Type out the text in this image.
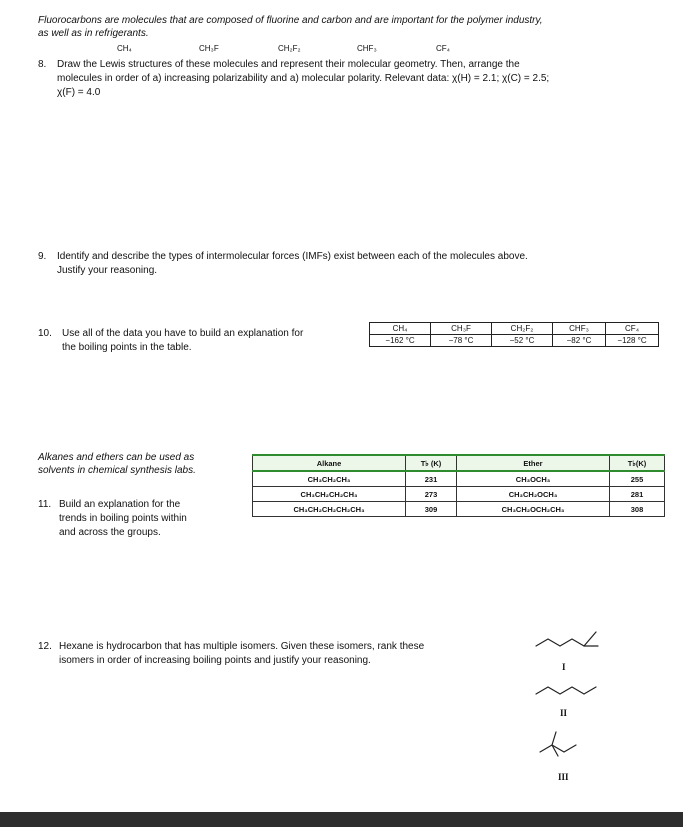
Fluorocarbons are molecules that are composed of fluorine and carbon and are important for the polymer industry,
as well as in refrigerants.
CH₄	CH₃F	CH₂F₂	CHF₃	CF₄
8. Draw the Lewis structures of these molecules and represent their molecular geometry. Then, arrange the
molecules in order of a) increasing polarizability and a) molecular polarity. Relevant data: χ(H) = 2.1; χ(C) = 2.5;
χ(F) = 4.0
9. Identify and describe the types of intermolecular forces (IMFs) exist between each of the molecules above.
Justify your reasoning.
10. Use all of the data you have to build an explanation for
the boiling points in the table.
CH₄	CH₃F	CH₂F₂	CHF₃	CF₄
−162 °C	−78 °C	−52 °C	−82 °C	−128 °C
Alkanes and ethers can be used as
solvents in chemical synthesis labs.
11. Build an explanation for the
trends in boiling points within
and across the groups.
Alkane	T♭ (K)	Ether	T♭(K)
CH₃CH₂CH₃	231	CH₃OCH₃	255
CH₃CH₂CH₂CH₃	273	CH₃CH₂OCH₃	281
CH₃CH₂CH₂CH₂CH₃	309	CH₃CH₂OCH₂CH₃	308
12. Hexane is hydrocarbon that has multiple isomers. Given these isomers, rank these
isomers in order of increasing boiling points and justify your reasoning.
I
II
III
